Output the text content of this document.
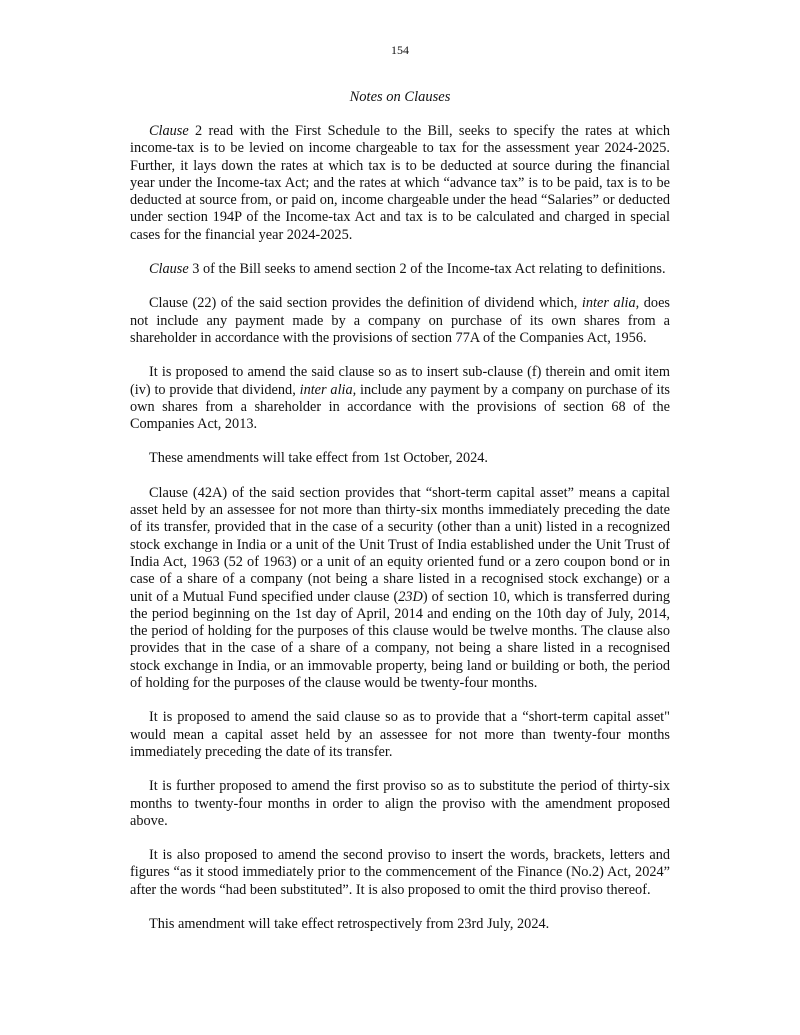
154
Notes on Clauses

Clause 2 read with the First Schedule to the Bill, seeks to specify the rates at which income-tax is to be levied on income chargeable to tax for the assessment year 2024-2025. Further, it lays down the rates at which tax is to be deducted at source during the financial year under the Income-tax Act; and the rates at which “advance tax” is to be paid, tax is to be deducted at source from, or paid on, income chargeable under the head “Salaries” or deducted under section 194P of the Income-tax Act and tax is to be calculated and charged in special cases for the financial year 2024-2025.

Clause 3 of the Bill seeks to amend section 2 of the Income-tax Act relating to definitions.

Clause (22) of the said section provides the definition of dividend which, inter alia, does not include any payment made by a company on purchase of its own shares from a shareholder in accordance with the provisions of section 77A of the Companies Act, 1956.

It is proposed to amend the said clause so as to insert sub-clause (f) therein and omit item (iv) to provide that dividend, inter alia, include any payment by a company on purchase of its own shares from a shareholder in accordance with the provisions of section 68 of the Companies Act, 2013.

These amendments will take effect from 1st October, 2024.

Clause (42A) of the said section provides that “short-term capital asset” means a capital asset held by an assessee for not more than thirty-six months immediately preceding the date of its transfer, provided that in the case of a security (other than a unit) listed in a recognized stock exchange in India or a unit of the Unit Trust of India established under the Unit Trust of India Act, 1963 (52 of 1963) or a unit of an equity oriented fund or a zero coupon bond or in case of a share of a company (not being a share listed in a recognised stock exchange) or a unit of a Mutual Fund specified under clause (23D) of section 10, which is transferred during the period beginning on the 1st day of April, 2014 and ending on the 10th day of July, 2014, the period of holding for the purposes of this clause would be twelve months. The clause also provides that in the case of a share of a company, not being a share listed in a recognised stock exchange in India, or an immovable property, being land or building or both, the period of holding for the purposes of the clause would be twenty-four months.

It is proposed to amend the said clause so as to provide that a “short-term capital asset" would mean a capital asset held by an assessee for not more than twenty-four months immediately preceding the date of its transfer.

It is further proposed to amend the first proviso so as to substitute the period of thirty-six months to twenty-four months in order to align the proviso with the amendment proposed above.

It is also proposed to amend the second proviso to insert the words, brackets, letters and figures “as it stood immediately prior to the commencement of the Finance (No.2) Act, 2024” after the words “had been substituted”. It is also proposed to omit the third proviso thereof.

This amendment will take effect retrospectively from 23rd July, 2024.
